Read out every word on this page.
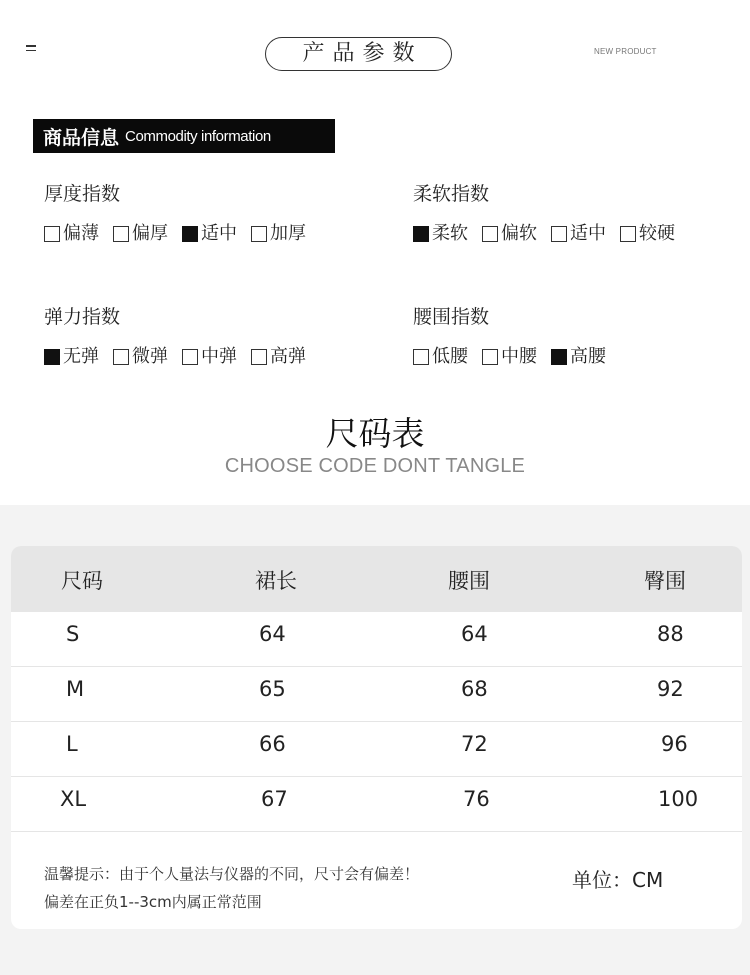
产品参数	NEW PRODUCT
商品信息 Commodity information
厚度指数
偏薄 偏厚 适中 加厚
柔软指数
柔软 偏软 适中 较硬
弹力指数
无弹 微弹 中弹 高弹
腰围指数
低腰 中腰 高腰
尺码表
CHOOSE CODE DONT TANGLE
尺码	裙长	腰围	臀围
S	64	64	88
M	65	68	92
L	66	72	96
XL	67	76	100
温馨提示：由于个人量法与仪器的不同，尺寸会有偏差！
偏差在正负1--3cm内属正常范围
单位：CM
